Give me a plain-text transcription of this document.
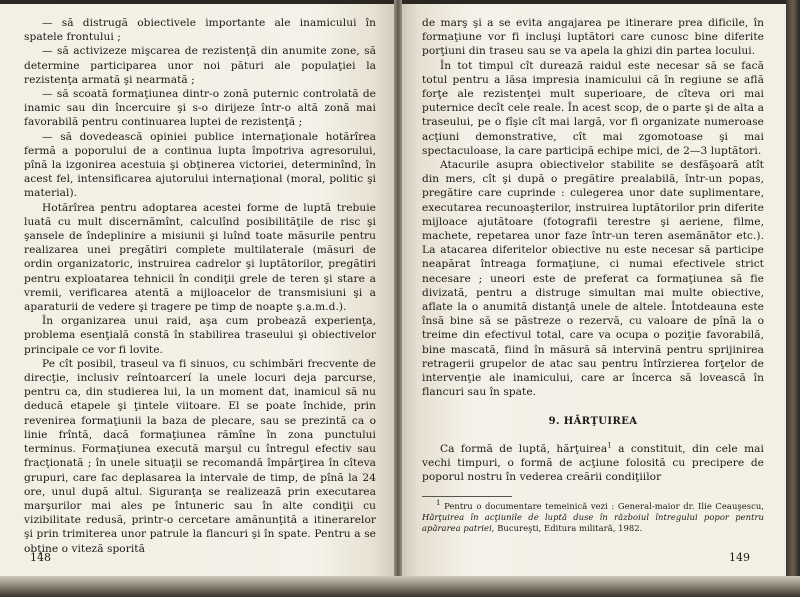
— să distrugă obiectivele importante ale inamicului în spatele frontului ;

— să activizeze mişcarea de rezistenţă din anumite zone, să determine participarea unor noi pături ale populaţiei la rezistenţa armată şi nearmată ;

— să scoată formaţiunea dintr-o zonă puternic controlată de inamic sau din încercuire şi s-o dirijeze într-o altă zonă mai favorabilă pentru continuarea luptei de rezistenţă ;

— să dovedească opiniei publice internaţionale hotărîrea fermă a poporului de a continua lupta împotriva agresorului, pînă la izgonirea acestuia şi obţinerea victoriei, determinînd, în acest fel, intensificarea ajutorului internaţional (moral, politic şi material).

Hotărîrea pentru adoptarea acestei forme de luptă trebuie luată cu mult discernămînt, calculînd posibilităţile de risc şi şansele de îndeplinire a misiunii şi luînd toate măsurile pentru realizarea unei pregătiri complete multilaterale (măsuri de ordin organizatoric, instruirea cadrelor şi luptătorilor, pregătiri pentru exploatarea tehnicii în condiţii grele de teren şi stare a vremii, verificarea atentă a mijloacelor de transmisiuni şi a aparaturii de vedere şi tragere pe timp de noapte ş.a.m.d.).

În organizarea unui raid, aşa cum probează experienţa, problema esenţială constă în stabilirea traseului şi obiectivelor principale ce vor fi lovite.

Pe cît posibil, traseul va fi sinuos, cu schimbări frecvente de direcţie, inclusiv reîntoarcerí la unele locuri deja parcurse, pentru ca, din studierea lui, la un moment dat, inamicul să nu deducă etapele şi ţintele viitoare. El se poate închide, prin revenirea formaţiunii la baza de plecare, sau se prezintă ca o linie frîntă, dacă formaţiunea rămîne în zona punctului terminus. Formaţiunea execută marşul cu întregul efectiv sau fracţionată ; în unele situaţii se recomandă împărţirea în cîteva grupuri, care fac deplasarea la intervale de timp, de pînă la 24 ore, unul după altul. Siguranţa se realizează prin executarea marşurilor mai ales pe întuneric sau în alte condiţii cu vizibilitate redusă, printr-o cercetare amănunţită a itinerarelor şi prin trimiterea unor patrule la flancuri şi în spate. Pentru a se obţine o viteză sporită

148

de marş şi a se evita angajarea pe itinerare prea dificile, în formaţiune vor fi incluşi luptători care cunosc bine diferite porţiuni din traseu sau se va apela la ghizi din partea locului.

În tot timpul cît durează raidul este necesar să se facă totul pentru a lăsa impresia inamicului că în regiune se află forţe ale rezistenţei mult superioare, de cîteva ori mai puternice decît cele reale. În acest scop, de o parte şi de alta a traseului, pe o fîşie cît mai largă, vor fi organizate numeroase acţiuni demonstrative, cît mai zgomotoase şi mai spectaculoase, la care participă echipe mici, de 2—3 luptători.

Atacurile asupra obiectivelor stabilite se desfăşoară atît din mers, cît şi după o pregătire prealabilă, într-un popas, pregătire care cuprinde : culegerea unor date suplimentare, executarea recunoaşterilor, instruirea luptătorilor prin diferite mijloace ajutătoare (fotografii terestre şi aeriene, filme, machete, repetarea unor faze într-un teren asemănător etc.). La atacarea diferitelor obiective nu este necesar să participe neapărat întreaga formaţiune, ci numai efectivele strict necesare ; uneori este de preferat ca formaţiunea să fie divizată, pentru a distruge simultan mai multe obiective, aflate la o anumită distanţă unele de altele. Întotdeauna este însă bine să se păstreze o rezervă, cu valoare de pînă la o treime din efectivul total, care va ocupa o poziţie favorabilă, bine mascată, fiind în măsură să intervină pentru sprijinirea retragerii grupelor de atac sau pentru întîrzierea forţelor de intervenţie ale inamicului, care ar încerca să lovească în flancuri sau în spate.

9. HĂRŢUIREA

Ca formă de luptă, hărţuirea$^1$ a constituit, din cele mai vechi timpuri, o formă de acţiune folosită cu precipere de poporul nostru în vederea creării condiţiilor

$^1$ Pentru o documentare temeinică vezi : General-maior dr. Ilie Ceauşescu, Hărţuirea în acţiunile de luptă duse în războiul întregului popor pentru apărarea patriei, Bucureşti, Editura militară, 1982.
149
